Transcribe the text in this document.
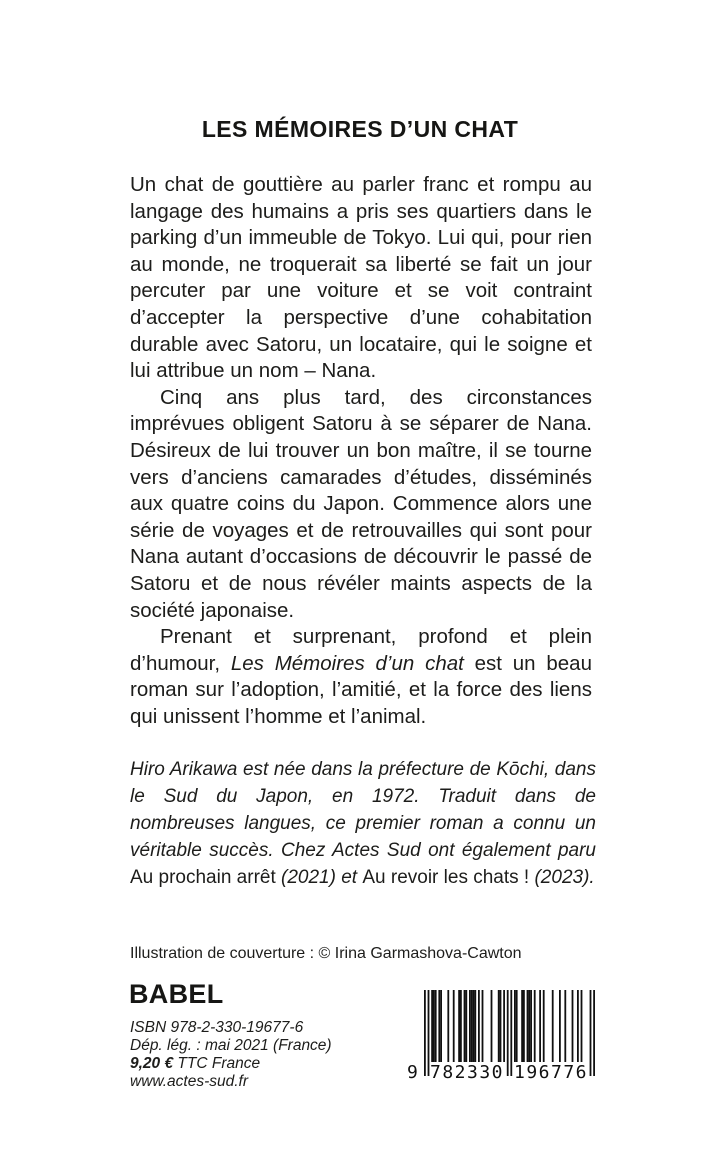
LES MÉMOIRES D’UN CHAT

Un chat de gouttière au parler franc et rompu au langage des humains a pris ses quartiers dans le parking d’un immeuble de Tokyo. Lui qui, pour rien au monde, ne troquerait sa liberté se fait un jour percuter par une voiture et se voit contraint d’accepter la perspective d’une cohabitation durable avec Satoru, un locataire, qui le soigne et lui attribue un nom – Nana.

Cinq ans plus tard, des circonstances imprévues obligent Satoru à se séparer de Nana. Désireux de lui trouver un bon maître, il se tourne vers d’anciens camarades d’études, disséminés aux quatre coins du Japon. Commence alors une série de voyages et de retrouvailles qui sont pour Nana autant d’occasions de découvrir le passé de Satoru et de nous révéler maints aspects de la société japonaise.

Prenant et surprenant, profond et plein d’humour, Les Mémoires d’un chat est un beau roman sur l’adoption, l’amitié, et la force des liens qui unissent l’homme et l’animal.

Hiro Arikawa est née dans la préfecture de Kōchi, dans le Sud du Japon, en 1972. Traduit dans de nombreuses langues, ce premier roman a connu un véritable succès. Chez Actes Sud ont également paru Au prochain arrêt (2021) et Au revoir les chats ! (2023).

Illustration de couverture : © Irina Garmashova-Cawton
BABEL
ISBN 978-2-330-19677-6
Dép. lég. : mai 2021 (France)
9,20 € TTC France
www.actes-sud.fr	9 782330 196776
